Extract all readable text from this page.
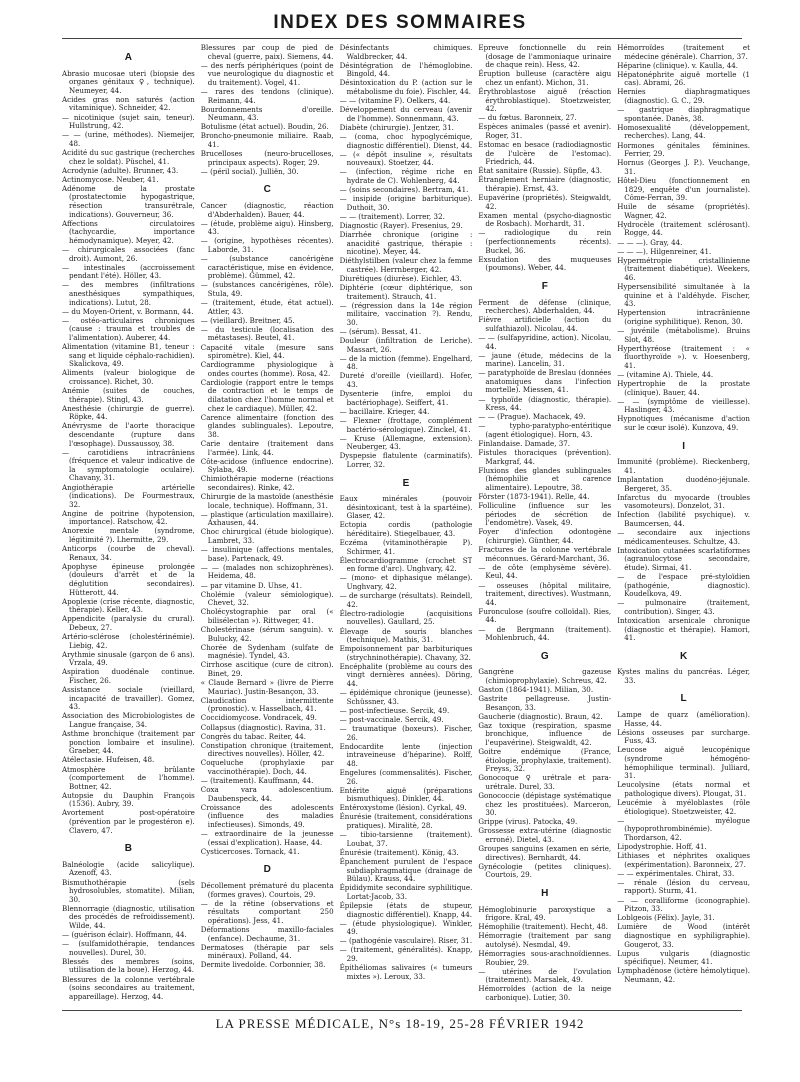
INDEX DES SOMMAIRES
A

Abrasio mucosae uteri (biopsie des organes génitaux ♀, technique). Neumeyer, 44.

Acides gras non saturés (action vitaminique). Schneider, 42.

— nicotinique (sujet sain, teneur). Hullstrung, 42.

— — (urine, méthodes). Niemeijer, 48.

Acidité du suc gastrique (recherches chez le soldat). Püschel, 41.

Acrodynie (adulte). Brunner, 43.

Actinomycose. Neuber, 41.

Adénome de la prostate (prostatectomie hypogastrique, résection transurétrale, indications). Gouverneur, 36.

Affections circulatoires (tachycardie, importance hémodynamique). Meyer, 42.

— chirurgicales associées (fanc droit). Aumont, 26.

— intestinales (accroissement pendant l'été). Höller, 43.

— des membres (infiltrations anesthésiques sympathiques, indications). Lutut, 28.

— du Moyen-Orient, v. Bormann, 44.

— ostéo-articulaires chroniques (cause : trauma et troubles de l'alimentation). Auberer, 44.

Alimentation (vitamine B1, teneur : sang et liquide céphalo-rachidien). Skalickova, 49.

Aliments (valeur biologique de croissance). Richet, 30.

Anémie (suites de couches, thérapie). Stingl, 43.

Anesthésie (chirurgie de guerre). Röpke, 44.

Anévrysme de l'aorte thoracique descendante (rupture dans l'œsophage). Dussaussoy, 38.

— carotidiens intracrâniens (fréquence et valeur indicative de la symptomatologie oculaire). Chavany, 31.

Angiothérapie artérielle (indications). De Fourmestraux, 32.

Angine de poitrine (hypotension, importance). Ratschow, 42.

Anorexie mentale (syndrome, légitimité ?). Lhermitte, 29.

Anticorps (courbe de cheval). Renaux, 34.

Apophyse épineuse prolongée (douleurs d'arrêt et de la déglutition secondaires). Hütterott, 44.

Apoplexie (crise récente, diagnostic, thérapie). Keller, 43.

Appendicite (paralysie du crural). Debeux, 27.

Artério-sclérose (cholestérinémie). Liebig, 42.

Arythmie sinusale (garçon de 6 ans). Vrzala, 49.

Aspiration duodénale continue. Fischer, 26.

Assistance sociale (vieillard, incapacité de travailler). Gomez, 43.

Association des Microbiologistes de Langue française, 34.

Asthme bronchique (traitement par ponction lombaire et insuline). Graeber, 44.

Atélectasie. Hufeisen, 48.

Atmosphère brûlante (comportement de l'homme). Bottner, 42.

Autopsie du Dauphin François (1536). Aubry, 39.

Avortement post-opératoire (prévention par le progestéron e). Clavero, 47.

B

Balnéologie (acide salicylique). Azenoff, 43.

Bismuthothérapie (sels hydrosolubles, stomatite). Milian, 30.

Blennorragie (diagnostic, utilisation des procédés de refroidissement). Wilde, 44.

— (guérison éclair). Hoffmann, 44.

— (sulfamidothérapie, tendances nouvelles). Durel, 30.

Blessés des membres (soins, utilisation de la boue). Herzog, 44.

Blessures de la colonne vertébrale (soins secondaires au traitement, appareillage). Herzog, 44.

Blessures par coup de pied de cheval (guerre, paix). Siemens, 44.

— des nerfs périphériques (point de vue neurologique du diagnostic et du traitement). Vogel, 41.

— rares des tendons (clinique). Reimann, 44.

Bourdonnements d'oreille. Neumann, 43.

Botulisme (état actuel). Boudin, 26.

Broncho-pneumonie miliaire. Raab, 41.

Brucelloses (neuro-brucelloses, principaux aspects). Roger, 29.

— (péril social). Julliën, 30.

C

Cancer (diagnostic, réaction d'Abderhalden). Bauer, 44.

— (étude, problème aigu). Hinsberg, 43.

— (origine, hypothèses récentes). Laborde, 31.

— (substance cancérigène caractéristique, mise en évidence, problème). Gümmel, 42.

— (substances cancérigènes, rôle). Stula, 49.

— (traitement, étude, état actuel). Attler, 43.

— (vieillard). Breitner, 45.

— du testicule (localisation des métastases). Beutel, 41.

Capacité vitale (mesure sans spiromètre). Kiel, 44.

Cardiogramme physiologique à ondes courtes (homme). Rosa, 42.

Cardiologie (rapport entre le temps de contraction et le temps de dilatation chez l'homme normal et chez le cardiaque). Müller, 42.

Carence alimentaire (fonction des glandes sublinguales). Lepoutre, 38.

Carie dentaire (traitement dans l'armée). Link, 44.

Côte-acidose (influence endocrine). Sylaba, 49.

Chimiothérapie moderne (réactions secondaires). Rinke, 42.

Chirurgie de la mastoïde (anesthésie locale, technique). Hoffmann, 31.

— plastique (articulation maxillaire). Axhausen, 44.

Choc chirurgical (étude biologique). Lambret, 33.

— insulinique (affections mentales, base). Partenack, 49.

— — (malades non schizophrènes). Heidema, 48.

— par vitamine D. Uhse, 41.

Cholémie (valeur sémiologique). Chevet, 32.

Cholécystographie par oral (« bilisélectan »). Rittweger, 41.

Cholestérinase (sérum sanguin). v. Bulucky, 42.

Chorée de Sydenham (sulfate de magnésie). Tyndel, 43.

Cirrhose ascitique (cure de citron). Binet, 29.

« Claude Bernard » (livre de Pierre Mauriac). Justin-Besançon, 33.

Claudication intermittente (pronostic). v. Hasselbach, 41.

Coccidiomycose. Vondracek, 49.

Collapsus (diagnostic). Ravina, 31.

Congrès du tabac. Reiter, 44.

Constipation chronique (traitement, directives nouvelles). Höller, 42.

Coqueluche (prophylaxie par vaccinothérapie). Doch, 44.

— (traitement). Kauffmann, 44.

Coxa vara adolescentium. Daubenspeck, 44.

Croissance des adolescents (influence des maladies infectieuses). Simonds, 49.

— extraordinaire de la jeunesse (essai d'explication). Haase, 44.

Cysticercoses. Tornack, 41.

D

Décollement prématuré du placenta (formes graves). Courtois, 29.

— de la rétine (observations et résultats comportant 250 opérations). Jess, 41.

Déformations maxillo-faciales (enfance). Dechaume, 31.

Dermatoses (thérapie par sels minéraux). Polland, 44.

Dermite livedoïde. Corbonnier, 38.

Désinfectants chimiques. Waldbrecker, 44.

Désintégration de l'hémoglobine. Bingold, 44.

Désintoxication du P. (action sur le métabolisme du foie). Fischler, 44.

— — (vitamine F). Oelkers, 44.

Développement du cerveau (avenir de l'homme). Sonnenmann, 43.

Diabète (chirurgie). Jentzer, 31.

— (coma, choc hypoglycémique, diagnostic différentiel). Dienst, 44.

— (« dépôt insuline », résultats nouveaux). Stoetzer, 44.

— (infection, régime riche en hydrate de C). Wohlenberg, 44.

— (soins secondaires). Bertram, 41.

— insipide (origine barbiturique). Duthoit, 30.

— — (traitement). Lorrer, 32.

Diagnostic (Rayer). Fresenius, 29.

Diarrhée chronique (origine : anacidité gastrique, thérapie : nicotine). Meyer, 44.

Diéthylstilben (valeur chez la femme castrée). Herrnberger, 42.

Diurétiques (diurèse). Eichler, 43.

Diphtérie (cœur diphtérique, son traitement). Strauch, 41.

— (régression dans la 14e région militaire, vaccination ?). Rendu, 30.

— (sérum). Bessat, 41.

Douleur (infiltration de Leriche). Massart, 26.

— de la miction (femme). Engelhard, 48.

Dureté d'oreille (vieillard). Hofer, 43.

Dysenterie (infre, emploi du bactériophage). Seiffert, 41.

— bacillaire. Krieger, 44.

— Flexner (frottage, complément bactério-sérologique). Zinckel, 41.

— Kruse (Allemagne, extension). Neuberger, 43.

Dyspepsie flatulente (carminatifs). Lorrer, 32.

E

Eaux minérales (pouvoir désintoxicant, test à la spartéine). Glaser, 42.

Ectopia cordis (pathologie héréditaire). Stiegelbauer, 43.

Eczéma (vitaminothérapie P). Schirmer, 41.

Électrocardiogramme (crochet ST en forme d'arc). Unghvary, 42.

— (mono- et diphasique mélange). Unghvary, 42.

— de surcharge (résultats). Reindell, 42.

Électro-radiologie (acquisitions nouvelles). Gaullard, 25.

Élevage de souris blanches (technique). Mathis, 31.

Empoisonnement par barbituriques (strychninothérapie). Chavany, 32.

Encéphalite (problème au cours des vingt dernières années). Döring, 44.

— épidémique chronique (jeunesse). Schüssner, 43.

— post-infectieuse. Sercik, 49.

— post-vaccinale. Sercik, 49.

— traumatique (boxeurs). Fischer, 26.

Endocardite lente (injection intraveineuse d'héparine). Rolff, 48.

Engelures (commensalités). Fischer, 26.

Entérite aiguë (préparations bismuthiques). Dinkler, 44.

Entéroxystome (lésion). Cyrkal, 49.

Énurésie (traitement, considérations pratiques). Miralitè, 28.

— tibio-tarsienne (traitement). Loubat, 37.

Énurésie (traitement). König, 43.

Épanchement purulent de l'espace subdiaphragmatique (drainage de Bülau). Krauss, 44.

Épididymite secondaire syphilitique. Lortat-Jacob, 33.

Épilepsie (états de stupeur, diagnostic différentiel). Knapp, 44.

— (étude physiologique). Winkler, 49.

— (pathogénie vasculaire). Riser, 31.

— (traitement, généralités). Knapp, 29.

Épithéliomas salivaires (« tumeurs mixtes »). Leroux, 33.

Épreuve fonctionnelle du rein (dosage de l'ammoniaque urinaire de chaque rein). Hess, 42.

Éruption bulleuse (caractère aigu chez un enfant). Michon, 31.

Érythroblastose aiguë (réaction érythroblastique). Stoetzweister, 42.

— du fœtus. Baronneix, 27.

Espèces animales (passé et avenir). Roger, 31.

Estomac en besace (radiodiagnostic de l'ulcère de l'estomac). Friedrich, 44.

État sanitaire (Russie). Süpfle, 43.

Étranglement herniaire (diagnostic, thérapie). Ernst, 43.

Eupavérine (propriétés). Steigwaldt, 42.

Examen mental (psycho-diagnostic de Rosbach). Morhardt, 31.

— radiologique du rein (perfectionnements récents). Buckel, 36.

Exsudation des muqueuses (poumons). Weber, 44.

F

Ferment de défense (clinique, recherches). Abderhalden, 44.

Fièvre artificielle (action du sulfathiazol). Nicolau, 44.

— — (sulfapyridine, action). Nicolau, 44.

— jaune (étude, médecins de la marine). Lancelin, 31.

— paratyphoïde de Breslau (données anatomiques dans l'infection mortelle). Miessen, 41.

— typhoïde (diagnostic, thérapie). Kress, 44.

— — (Prague). Machacek, 49.

— typho-paratypho-entéritique (agent étiologique). Horn, 43.

Finlandaise. Damade, 37.

Fistules thoraciques (prévention). Markgraf, 44.

Fluxions des glandes sublinguales (hémophilie et carence alimentaire). Lepoutre, 38.

Förster (1873-1941). Relle, 44.

Folliculine (influence sur les périodes de sécrétion de l'endomètre). Vasek, 49.

Foyer d'infection odontogène (chirurgie). Günther, 44.

Fractures de la colonne vertébrale méconnues. Gérard-Marchant, 36.

— de côte (emphysème sévère). Keul, 44.

— osseuses (hôpital militaire, traitement, directives). Wustmann, 44.

Furonculose (soufre colloïdal). Ries, 44.

— de Bergmann (traitement). Mohlenbruch, 44.

G

Gangrène gazeuse (chimioprophylaxie). Schreus, 42.

Gaston (1864-1941). Milian, 30.

Gastrite pellagreuse. Justin-Besançon, 33.

Gaucherie (diagnostic). Braun, 42.

Gaz toxique (respiration, spasme bronchique, influence de l'eupavérine). Steigwaldt, 42.

Goitre endémique (France, étiologie, prophylaxie, traitement). Freyss, 32.

Gonocoque ♀ urétrale et para-urétrale. Durel, 33.

Gonococcie (dépistage systématique chez les prostituées). Marceron, 30.

Grippe (virus). Patocka, 49.

Grossesse extra-utérine (diagnostic erroné). Dietel, 43.

Groupes sanguins (examen en série, directives). Bernhardt, 44.

Gynécologie (petites cliniques). Courtois, 29.

H

Hémoglobinurie paroxystique a frigore. Kral, 49.

Hémophilie (traitement). Hecht, 48.

Hémorragie (traitement par sang autolysé). Nesmdal, 49.

Hémorragies sous-arachnoïdiennes. Roubier, 29.

— utérines de l'ovulation (traitement). Marsalek, 49.

Hémorroïdes (action de la neige carbonique). Lutier, 30.

Hémorroïdes (traitement et médecine générale). Charrion, 37.

Héparine (clinique). v. Kaulla, 44.

Hépatonéphrite aiguë mortelle (1 cas). Abrami, 26.

Hernies diaphragmatiques (diagnostic). G. C., 29.

— gastrique diaphragmatique spontanée. Danès, 38.

Homosexualité (développement, recherches). Lang, 44.

Hormones génitales féminines. Ferrier, 29.

Hornus (Georges J. P.). Veuchange, 31.

Hôtel-Dieu (fonctionnement en 1829, enquête d'un journaliste). Côme-Ferran, 39.

Huile de sésame (propriétés). Wagner, 42.

Hydrocèle (traitement sclérosant). Rogge, 44.

— — —). Gray, 44.

— — —). Hilgenreiner, 41.

Hypermétropie cristallinienne (traitement diabétique). Weekers, 46.

Hypersensibilité simultanée à la quinine et à l'aldéhyde. Fischer, 43.

Hypertension intracrânienne (origine syphilitique). Renon, 30.

— juvénile (métabolisme). Bruins Slot, 48.

Hyperthyréose (traitement : « fluorthyroïde »). v. Hoesenberg, 41.

— (vitamine A). Thiele, 44.

Hypertrophie de la prostate (clinique). Bauer, 44.

— — (symptôme de vieillesse). Haslinger, 43.

Hypnotiques (mécanisme d'action sur le cœur isolé). Kunzova, 49.

I

Immunité (problème). Rieckenberg, 41.

Implantation duodéno-jéjunale. Bergeret, 35.

Infarctus du myocarde (troubles vasomoteurs). Donzelot, 31.

Infection (labilité psychique). v. Baumcersen, 44.

— secondaire aux injections médicamenteuses. Schultze, 43.

Intoxication cutanées scarlatiformes (agranulocytose secondaire, étude). Sirmai, 41.

— de l'espace pré-styloïdien (pathogénie, diagnostic). Koudelkova, 49.

— pulmonaire (traitement, contribution). Singer, 43.

Intoxication arsenicale chronique (diagnostic et thérapie). Hamori, 41.

K

Kystes malins du pancréas. Léger, 33.

L

Lampe de quarz (amélioration). Hasse, 44.

Lésions osseuses par surcharge. Fuss, 43.

Leucose aiguë leucopénique (syndrome hémogénо-hémophilique terminal). Julliard, 31.

Leucolysine (états normal et pathologique divers). Plougat, 31.

Leucémie à myéloblastes (rôle étiologique). Stoetzweister, 42.

— myélogue (hypoprothrombinémie). Thordarson, 42.

Lipodystrophie. Hoff, 41.

Lithiases et néphrites oxaliques (expérimentation). Baronneix, 27.

— — expérimentales. Chirat, 33.

— rénale (lésion du cerveau, rapport). Sturm, 41.

— — coralliforme (iconographie). Pitzon, 33.

Loblgeois (Félix). Jayle, 31.

Lumière de Wood (intérêt diagnostique en syphiligraphie). Gougerot, 33.

Lupus vulgaris (diagnostic spécifique). Neumer, 41.

Lymphadénose (ictère hémolytique). Neumann, 42.

LA PRESSE MÉDICALE, N°s 18-19, 25-28 FÉVRIER 1942
